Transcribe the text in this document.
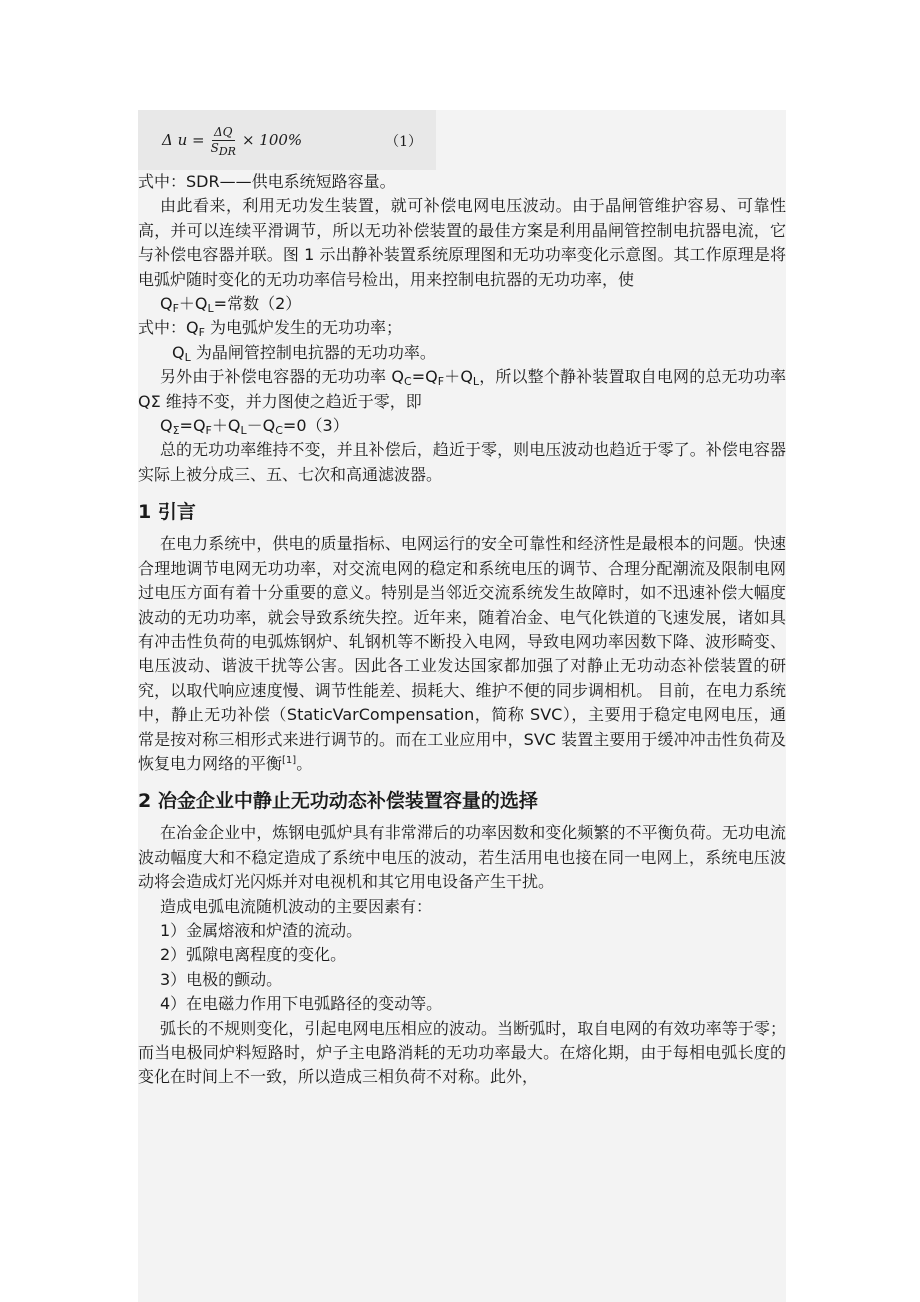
Δ $u = \frac{\Delta Q}{S_{DR}} \times 100\%$	（1）

式中：SDR——供电系统短路容量。

由此看来，利用无功发生装置，就可补偿电网电压波动。由于晶闸管维护容易、可靠性高，并可以连续平滑调节，所以无功补偿装置的最佳方案是利用晶闸管控制电抗器电流，它与补偿电容器并联。图 1 示出静补装置系统原理图和无功功率变化示意图。其工作原理是将电弧炉随时变化的无功功率信号检出，用来控制电抗器的无功功率，使

$Q_F+Q_L=$常数（2）

式中：$Q_F$ 为电弧炉发生的无功功率；

$Q_L$ 为晶闸管控制电抗器的无功功率。

另外由于补偿电容器的无功功率 $Q_C=Q_F+Q_L$，所以整个静补装置取自电网的总无功功率 QΣ 维持不变，并力图使之趋近于零，即

$Q_\Sigma=Q_F+Q_L-Q_C=0(3)$

总的无功功率维持不变，并且补偿后，趋近于零，则电压波动也趋近于零了。补偿电容器实际上被分成三、五、七次和高通滤波器。

1 引言

在电力系统中，供电的质量指标、电网运行的安全可靠性和经济性是最根本的问题。快速合理地调节电网无功功率，对交流电网的稳定和系统电压的调节、合理分配潮流及限制电网过电压方面有着十分重要的意义。特别是当邻近交流系统发生故障时，如不迅速补偿大幅度波动的无功功率，就会导致系统失控。近年来，随着冶金、电气化铁道的飞速发展，诸如具有冲击性负荷的电弧炼钢炉、轧钢机等不断投入电网，导致电网功率因数下降、波形畸变、电压波动、谐波干扰等公害。因此各工业发达国家都加强了对静止无功动态补偿装置的研究，以取代响应速度慢、调节性能差、损耗大、维护不便的同步调相机。 目前，在电力系统中，静止无功补偿（StaticVarCompensation，简称 SVC），主要用于稳定电网电压，通常是按对称三相形式来进行调节的。而在工业应用中，SVC 装置主要用于缓冲冲击性负荷及恢复电力网络的平衡[1]。

2 冶金企业中静止无功动态补偿装置容量的选择

在冶金企业中，炼钢电弧炉具有非常滞后的功率因数和变化频繁的不平衡负荷。无功电流波动幅度大和不稳定造成了系统中电压的波动，若生活用电也接在同一电网上，系统电压波动将会造成灯光闪烁并对电视机和其它用电设备产生干扰。

造成电弧电流随机波动的主要因素有：

1）金属熔液和炉渣的流动。

2）弧隙电离程度的变化。

3）电极的颤动。

4）在电磁力作用下电弧路径的变动等。

弧长的不规则变化，引起电网电压相应的波动。当断弧时，取自电网的有效功率等于零；而当电极同炉料短路时，炉子主电路消耗的无功功率最大。在熔化期，由于每相电弧长度的变化在时间上不一致，所以造成三相负荷不对称。此外，
